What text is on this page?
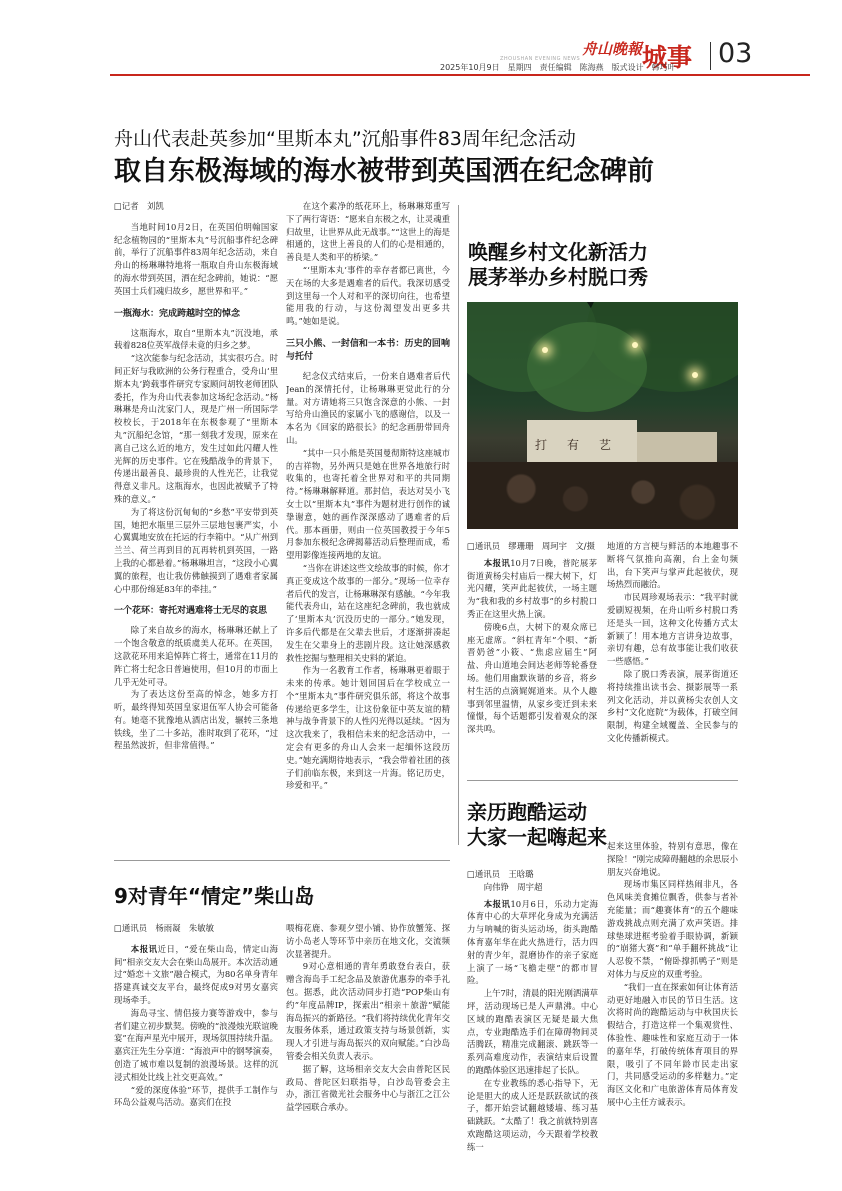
ZHOUSHAN EVENING NEWS
舟山晚報 城事 03
2025年10月9日　星期四　责任编辑　陈海燕　版式设计　韩巧叶
舟山代表赴英参加“里斯本丸”沉船事件83周年纪念活动
取自东极海域的海水被带到英国洒在纪念碑前

□记者　刘凯

当地时间10月2日，在英国伯明翰国家纪念植物园的“里斯本丸”号沉船事件纪念碑前，举行了沉船事件83周年纪念活动，来自舟山的杨琳琳特地将一瓶取自舟山东极海域的海水带到英国，洒在纪念碑前，她说：“愿英国士兵们魂归故乡，愿世界和平。”

一瓶海水：完成跨越时空的悼念

这瓶海水，取自“里斯本丸”沉没地，承载着828位英军战俘未竟的归乡之梦。

“这次能参与纪念活动，其实很巧合。时间正好与我欧洲的公务行程重合，受舟山‘里斯本丸’跨载事件研究专家顾问胡牧老师团队委托，作为舟山代表参加这场纪念活动。”杨琳琳是舟山沈家门人，现是广州一所国际学校校长，于2018年在东极参观了“里斯本丸”沉船纪念馆，“那一刻我才发现，原来在离自己这么近的地方，发生过如此闪耀人性光辉的历史事件。它在残酷战争的背景下，传递出最善良、最珍贵的人性光芒，让我觉得意义非凡。这瓶海水，也因此被赋予了特殊的意义。”

为了将这份沉甸甸的“乡愁”平安带到英国，她把水瓶里三层外三层地包裹严实，小心翼翼地安放在托运的行李箱中。“从广州到兰兰、荷兰再到目的瓦再转机到英国，一路上我的心都悬着。”杨琳琳坦言，“这段小心翼翼的旅程，也让我仿佛触摸到了遇难者家属心中那份绵延83年的牵挂。”

一个花环：寄托对遇难将士无尽的哀思

除了来自故乡的海水，杨琳琳还献上了一个饱含敬意的纸质虞美人花环。在英国，这款花环用来追悼阵亡将士，通常在11月的阵亡将士纪念日普遍使用，但10月的市面上几乎无处可寻。

为了表达这份至高的悼念，她多方打听，最终得知英国皇家退伍军人协会可能备有。她毫不犹豫地从酒店出发，辗转三条地铁线，坐了二十多站，准时取到了花环，“过程虽然波折，但非常值得。”

在这个素净的纸花环上，杨琳琳郑重写下了两行寄语：“愿来自东极之水，让灵魂重归故里，让世界从此无战事。”“这世上的海是相通的，这世上善良的人们的心是相通的，善良是人类和平的桥梁。”

“‘里斯本丸’事件的幸存者都已离世，今天在场的大多是遇难者的后代。我深切感受到这里每一个人对和平的深切向往，也希望能用我的行动，与这份渴望发出更多共鸣。”她如是说。

三只小熊、一封信和一本书：历史的回响与托付

纪念仪式结束后，一份来自遇难者后代Jean的深情托付，让杨琳琳更觉此行的分量。对方请她将三只饱含深意的小熊、一封写给舟山渔民的家属小飞的感谢信，以及一本名为《回家的路很长》的纪念画册带回舟山。

“其中一只小熊是英国曼彻斯特这座城市的吉祥物，另外两只是她在世界各地旅行时收集的，也寄托着全世界对和平的共同期待。”杨琳琳解释道。那封信，表达对吴小飞女士以“里斯本丸”事件为题材进行创作的诚挚谢意，她的画作深深感动了遇难者的后代。那本画册，则由一位英国教授于今年5月参加东极纪念碑揭幕活动后整理而成，希望用影像连接两地的友谊。

“当你在讲述这些文绘故事的时候，你才真正变成这个故事的一部分。”现场一位幸存者后代的发言，让杨琳琳深有感触。“今年我能代表舟山，站在这座纪念碑前，我也就成了‘里斯本丸’沉没历史的一部分。”她发现，许多后代都是在父辈去世后，才逐渐拼凑起发生在父辈身上的悲剧片段。这让她深感救救性挖掘与整理相关史料的紧迫。

作为一名教育工作者，杨琳琳更着眼于未来的传承。她计划回国后在学校成立一个“里斯本丸”事件研究俱乐部，将这个故事传递给更多学生，让这份象征中英友谊的精神与战争背景下的人性闪光得以延续。“因为这次我来了，我相信未来的纪念活动中，一定会有更多的舟山人会来一起缅怀这段历史。”她充满期待地表示，“我会带着社团的孩子们前临东极，来到这一片海。铭记历史，珍爱和平。”

唤醒乡村文化新活力
展茅举办乡村脱口秀
打　有　艺

□通讯员　缪珊珊　周珂宇　文/摄

本报讯10月7日晚，普陀展茅街道黄杨尖村庙后一棵大树下，灯光闪耀，笑声此起彼伏，一场主题为“我和我的乡村故事”的乡村脱口秀正在这里火热上演。

傍晚6点，大树下的观众席已座无虚席。“斜杠青年”个唄、“新晋奶爸”小筱、“焦虑应届生”阿盐、舟山道地会间达老师等轮番登场。他们用幽默诙谐的乡音，将乡村生活的点滴娓娓道来。从个人趣事到邻里温情，从家乡变迁到未来憧憬，每个话题都引发着观众的深深共鸣。

地道的方言梗与鲜活的本地趣事不断将气氛推向高潮，台上金句频出，台下笑声与掌声此起彼伏，现场热烈而融洽。

市民周珍观场表示：“我平时就爱刷短视频，在舟山听乡村脱口秀还是头一回，这种文化传播方式太新颖了！用本地方言讲身边故事，亲切有趣，总有故事能让我们收获一些感悟。”

除了脱口秀表演，展茅街道还将持续推出读书会、摄影展等一系列文化活动，并以黄杨尖农创人文乡村“文化庭院”为载体，打破空间限制，构建全域覆盖、全民参与的文化传播新模式。

亲历跑酷运动
大家一起嗨起来

□通讯员　王晗璐
向伟铮　周宇超

本报讯10月6日，乐动力定海体育中心的大草坪化身成为充满活力与呐喊的街头运动场，街头跑酷体育嘉年华在此火热进行，活力四射的青少年，混磨协作的亲子家庭上演了一场“飞檐走壁”的都市冒险。

上午7时，清晨的阳光刚洒满草坪，活动现场已是人声鼎沸。中心区域的跑酷表演区无疑是最大焦点，专业跑酷选手们在障碍物间灵活腾跃，精准完成翻滚、跳跃等一系列高难度动作，表演结束后设置的跑酷体验区迅速排起了长队。

在专业教练的悉心指导下，无论是胆大的成人还是跃跃欲试的孩子，都开始尝试翻越矮墙、练习基础跳跃。“太酷了！我之前就特别喜欢跑酷这项运动，今天跟着学校教练一

起来这里体验，特别有意思，像在探险！”刚完成障碍翻越的余思辰小朋友兴奋地说。

现场市集区同样热闹非凡，各色风味美食摊位飘香，供参与者补充能量；而“趣赛体育”的五个趣味游戏挑战点则充满了欢声笑语。排球垫球进框考验着手眼协调，新颖的“崩猪大赛”和“单手翻杯挑战”让人忍俊不禁，“俯卧撑抓鸭子”则是对体力与反应的双重考验。

“我们一直在探索如何让体育活动更好地融入市民的节日生活。这次将时尚的跑酷运动与中秋国庆长假结合，打造这样一个集观赏性、体验性、趣味性和家庭互动于一体的嘉年华，打破传统体育项目的界限，吸引了不同年龄市民走出家门，共同感受运动的多样魅力。”定海区文化和广电旅游体育局体育发展中心主任方诚表示。

9对青年“情定”柴山岛

□通讯员　杨雨凝　朱敏敏

本报讯近日，“爱在柴山岛，情定山海间”相亲交友大会在柴山岛展开。本次活动通过“婚恋＋文旅”融合模式，为80名单身青年搭建真诚交友平台，最终促成9对男女嘉宾现场牵手。

海岛寻宝、情侣接力赛等游戏中，参与者们建立初步默契。傍晚的“浪漫烛光联谊晚宴”在海声星光中展开，现场氛围持续升温。嘉宾汪先生分享道：“海浪声中的钢琴演奏，创造了城市难以复制的浪漫场景。这样的沉浸式相处比线上社交更高效。”

“爱的深度体验”环节，提供手工制作与环岛公益观鸟活动。嘉宾们在投

喂梅花鹿、参观夕望小铺、协作放蟹笼、探访小岛老人等环节中亲历在地文化，交流频次显著提升。

9对心意相通的青年勇敢登台表白，获赠含海岛手工纪念品及旅游优惠券的牵手礼包。据悉，此次活动同步打造“POP柴山有约”年度品牌IP，探索出“相亲＋旅游”赋能海岛振兴的新路径。“我们将持续优化青年交友服务体系，通过政策支持与场景创新，实现人才引进与海岛振兴的双向赋能。”白沙岛管委会相关负责人表示。

据了解，这场相亲交友大会由普陀区民政局、普陀区妇联指导，白沙岛管委会主办，浙江省微光社会服务中心与浙江之江公益学园联合承办。
